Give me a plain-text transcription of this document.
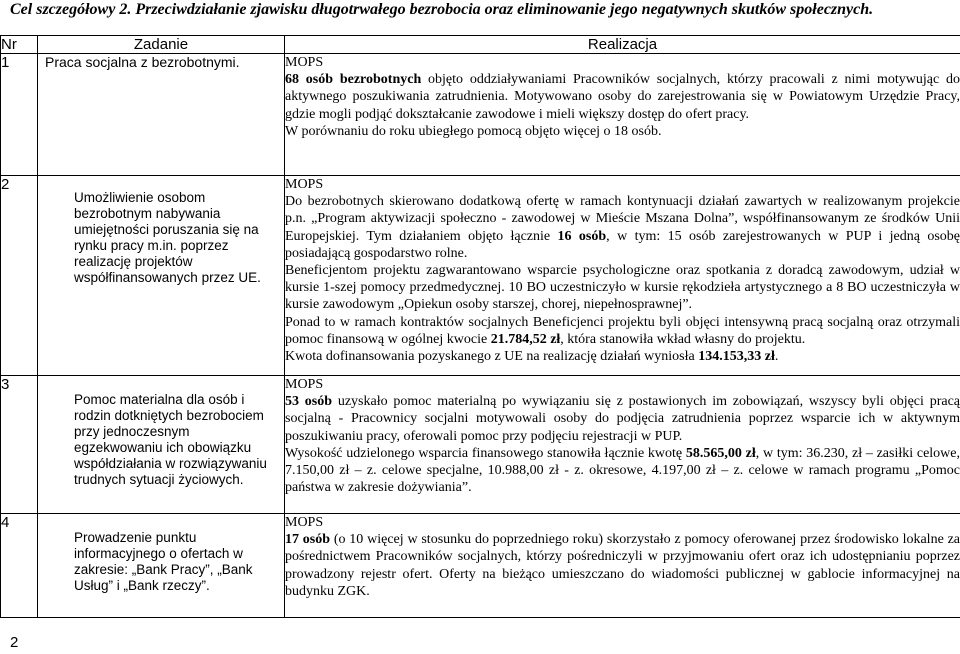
Cel szczegółowy 2. Przeciwdziałanie zjawisku długotrwałego bezrobocia oraz eliminowanie jego negatywnych skutków społecznych.
Nr	Zadanie	Realizacja
1	Praca socjalna z bezrobotnymi.	MOPS
68 osób bezrobotnych objęto oddziaływaniami Pracowników socjalnych, którzy pracowali z nimi motywując do aktywnego poszukiwania zatrudnienia. Motywowano osoby do zarejestrowania się w Powiatowym Urzędzie Pracy, gdzie mogli podjąć dokształcanie zawodowe i mieli większy dostęp do ofert pracy.
W porównaniu do roku ubiegłego pomocą objęto więcej o 18 osób.

2	Umożliwienie osobom bezrobotnym nabywania umiejętności poruszania się na rynku pracy m.in. poprzez realizację projektów współfinansowanych przez UE.	MOPS
Do bezrobotnych skierowano dodatkową ofertę w ramach kontynuacji działań zawartych w realizowanym projekcie p.n. „Program aktywizacji społeczno - zawodowej w Mieście Mszana Dolna”, współfinansowanym ze środków Unii Europejskiej. Tym działaniem objęto łącznie 16 osób, w tym: 15 osób zarejestrowanych w PUP i jedną osobę posiadającą gospodarstwo rolne.
Beneficjentom projektu zagwarantowano wsparcie psychologiczne oraz spotkania z doradcą zawodowym, udział w kursie 1-szej pomocy przedmedycznej. 10 BO uczestniczyło w kursie rękodzieła artystycznego a 8 BO uczestniczyła w kursie zawodowym „Opiekun osoby starszej, chorej, niepełnosprawnej”.
Ponad to w ramach kontraktów socjalnych Beneficjenci projektu byli objęci intensywną pracą socjalną oraz otrzymali pomoc finansową w ogólnej kwocie 21.784,52 zł, która stanowiła wkład własny do projektu.
Kwota dofinansowania pozyskanego z UE na realizację działań wyniosła 134.153,33 zł.

3	Pomoc materialna dla osób i rodzin dotkniętych bezrobociem przy jednoczesnym egzekwowaniu ich obowiązku współdziałania w rozwiązywaniu trudnych sytuacji życiowych.	MOPS
53 osób uzyskało pomoc materialną po wywiązaniu się z postawionych im zobowiązań, wszyscy byli objęci pracą socjalną - Pracownicy socjalni motywowali osoby do podjęcia zatrudnienia poprzez wsparcie ich w aktywnym poszukiwaniu pracy, oferowali pomoc przy podjęciu rejestracji w PUP.
Wysokość udzielonego wsparcia finansowego stanowiła łącznie kwotę 58.565,00 zł, w tym: 36.230, zł – zasiłki celowe, 7.150,00 zł – z. celowe specjalne, 10.988,00 zł - z. okresowe, 4.197,00 zł – z. celowe w ramach programu „Pomoc państwa w zakresie dożywiania”.

4	Prowadzenie punktu informacyjnego o ofertach w zakresie: „Bank Pracy”, „Bank Usług” i „Bank rzeczy”.	MOPS
17 osób (o 10 więcej w stosunku do poprzedniego roku) skorzystało z pomocy oferowanej przez środowisko lokalne za pośrednictwem Pracowników socjalnych, którzy pośredniczyli w przyjmowaniu ofert oraz ich udostępnianiu poprzez prowadzony rejestr ofert. Oferty na bieżąco umieszczano do wiadomości publicznej w gablocie informacyjnej na budynku ZGK.
2
